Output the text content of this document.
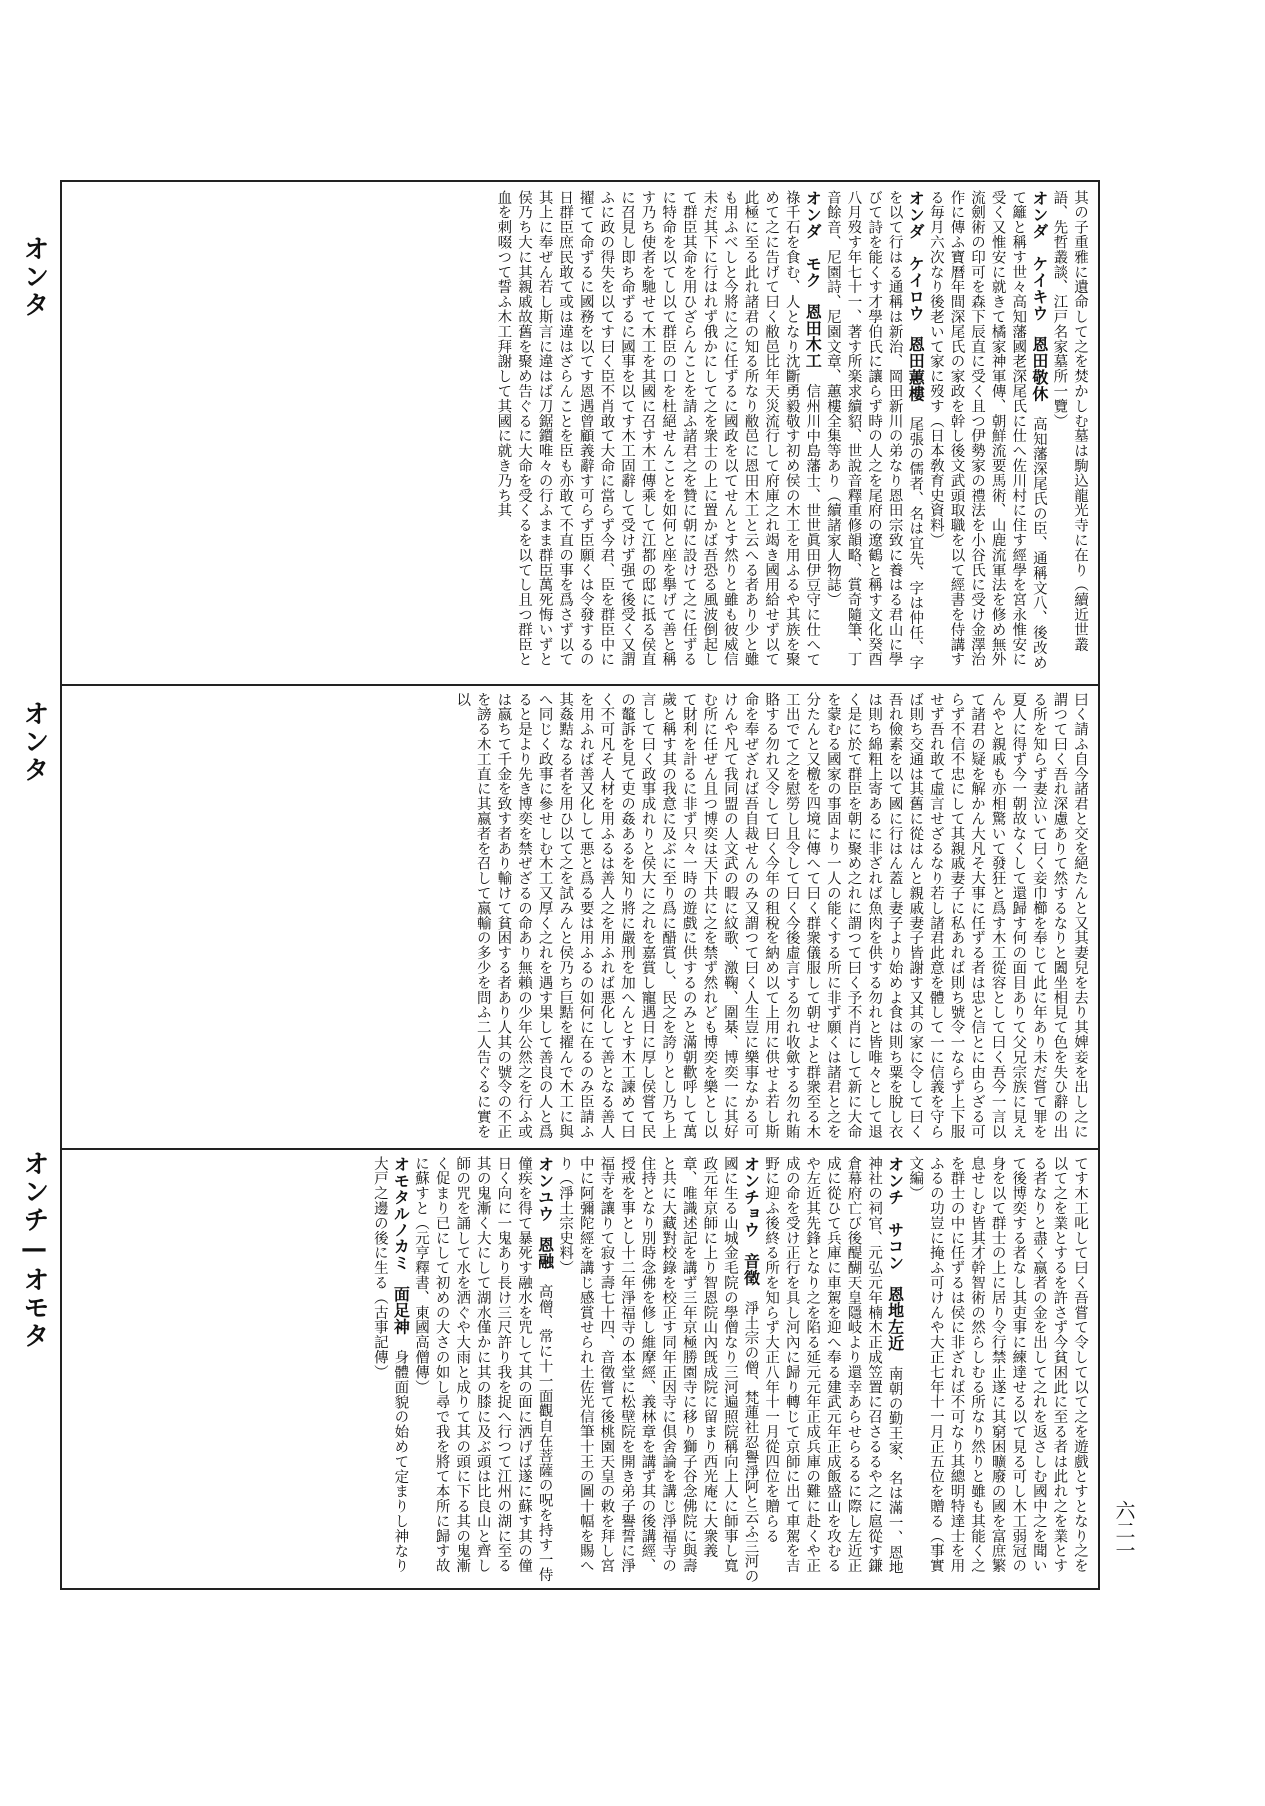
オンタ
オンタ
オンチ—オモタ
六二一

其の子重雅に遺命して之を焚かしむ墓は駒込龍光寺に在り（續近世叢語、先哲叢談、江戸名家墓所一覽）

オンダ　ケイキウ　恩田敬休　高知藩深尾氏の臣、通稱文八、後改めて籬と稱す世々高知藩國老深尾氏に仕へ佐川村に住す經學を宮永惟安に受く又惟安に就きて橘家神軍傳、朝鮮流要馬術、山鹿流軍法を修め無外流劍術の印可を森下辰直に受く且つ伊勢家の禮法を小谷氏に受け金澤治作に傳ふ寶曆年間深尾氏の家政を幹し後文武頭取職を以て經書を侍講する毎月六次なり後老いて家に歿す（日本敎育史資料）

オンダ　ケイロウ　恩田蕙樓　尾張の儒者、名は宜先、字は仲任、字を以て行はる通稱は新治、岡田新川の弟なり恩田宗致に養はる君山に學びて詩を能くす才學伯氏に讓らず時の人之を尾府の遼鶴と稱す文化癸酉八月歿す年七十一、著す所楽求續貂、世說音釋重修韻略、賞奇隨筆、丁音餘音、尼園詩、尼園文章、蕙樓全集等あり（續諸家人物誌）

オンダ　モク　恩田木工　信州川中島藩士、世世眞田伊豆守に仕へて祿千石を食む、人となり沈斷勇毅敬す初め侯の木工を用ふるや其族を聚めて之に告げて曰く敝邑比年天災流行して府庫之れ竭き國用給せず以て此極に至る此れ諸君の知る所なり敝邑に恩田木工と云へる者あり少と雖も用ふべしと今將に之に任ずるに國政を以てせんとす然りと雖も彼威信未だ其下に行はれず俄かにして之を衆士の上に置かば吾恐る風波倒起して群臣其命を用ひざらんことを請ふ諸君之を贊に朝に設けて之に任ずるに特命を以てし以て群臣の口を杜絕せんことを如何と座を擧げて善と稱す乃ち使者を馳せて木工を其國に召す木工傳乘して江都の邸に抵る侯直に召見し即ち命ずるに國事を以てす木工固辭して受けず强て後受く又謂ふに政の得失を以てす曰く臣不肖敢て大命に當らず今君、臣を群臣中に擢てて命ずるに國務を以てす恩遇曾顧義辭す可らず臣願くは令發するの日群臣庶民敢て或は違はざらんことを臣も亦敢て不直の事を爲さず以て其上に奉ぜん若し斯言に違はば刀鋸鑕唯々の行ふまま群臣萬死悔いずと侯乃ち大に其親戚故舊を聚め告ぐるに大命を受くるを以てし且つ群臣と血を刺啜つて誓ふ木工拜謝して其國に就き乃ち其

曰く請ふ自今諸君と交を絕たんと又其妻兒を去り其婢妾を出し之に謂つて曰く吾れ深慮ありて然するなりと闔坐相見て色を失ひ辭の出る所を知らず妻泣いて曰く妾巾櫛を奉じて此に年あり未だ嘗て罪を夏人に得ず今一朝故なくして還歸す何の面目ありて父兄宗族に見えんやと親戚も亦相驚いて發狂と爲す木工從容として曰く吾今一言以て諸君の疑を解かん大凡そ大事に任ずる者は忠と信とに由らざる可らず不信不忠にして其親戚妻子に私あれば則ち號令一ならず上下服せず吾れ敢て虛言せざるなり若し諸君此意を體して一に信義を守らば則ち交通は其舊に從はんと親戚妻子皆謝す又其の家に令して曰く吾れ儉素を以て國に行はん蓋し妻子より始めよ食は則ち粟を脫し衣は則ち綿粗上寄あるに非ざれば魚肉を供する勿れと皆唯々として退く是に於て群臣を朝に聚め之れに謂つて曰く予不肖にして新に大命を蒙むる國家の事固より一人の能くする所に非ず願くは諸君と之を分たんと又檄を四境に傳へて曰く群衆儀服して朝せよと群衆至る木工出でて之を慰勞し且令して曰く今後虛言する勿れ收歛する勿れ賄賂する勿れ又令して曰く今年の租稅を納め以て上用に供せよ若し斯命を奉ぜざれば吾自裁せんのみ又謂つて曰く人生豈に樂事なかる可けんや凡て我同盟の人文武の暇に紋歌、激鞠、圍棊、博奕一に其好む所に任ぜん且つ博奕は天下共に之を禁ず然れども博奕を樂とし以て財利を計るに非ず只々一時の遊戲に供するのみと滿朝歡呼して萬歲と稱す其の我意に及ぶに至り爲に醋賞し、民之を誇りとし乃ち上言して曰く政事成れりと侯大に之れを嘉賞し寵遇日に厚し侯嘗て民の鼇訴を見て吏の姦あるを知り將に嚴刑を加へんとす木工諫めて曰く不可凡そ人材を用ふるは善人之を用ふれば悪化して善となる善人を用ふれば善又化して悪と爲る要は用ふるの如何に在るのみ臣請ふ其姦黠なる者を用ひ以て之を試みんと侯乃ち巨黠を擢んで木工に與へ同じく政事に參せしむ木工又厚く之れを遇す果して善良の人と爲ると是より先き博奕を禁ぜざるの命あり無賴の少年公然之を行ふ或は嬴ちて千金を致す者あり輸けて貧困する者あり人其の號令の不正を謗る木工直に其嬴者を召して嬴輸の多少を問ふ二人告ぐるに實を以

てす木工叱して曰く吾嘗て令して以て之を遊戲とすとなり之を以て之を業とするを許さず今貧困此に至る者は此れ之を業とする者なりと盡く嬴者の金を出して之れを返さしむ國中之を聞いて後博奕する者なし其吏事に練達せる以て見る可し木工弱冠の身を以て群士の上に居り令行禁止遂に其窮困曠廢の國を富庶繁息せしむ皆其才幹智術の然らしむる所なり然りと雖も其能く之を群士の中に任ずるは侯に非ざれば不可なり其總明特達士を用ふるの功豈に掩ふ可けんや大正七年十一月正五位を贈る（事實文編）

オンチ　サコン　恩地左近　南朝の勤王家、名は滿一、恩地神社の祠官、元弘元年楠木正成笠置に召さるるや之に扈從す鎌倉幕府亡び後醍醐天皇隱岐より還幸あらせらるるに際し左近正成に從ひて兵庫に車駕を迎へ奉る建武元年正成飯盛山を攻むるや左近其先鋒となり之を陷る延元元年正成兵庫の難に赴くや正成の命を受け正行を具し河內に歸り轉じて京師に出て車駕を吉野に迎ふ後終る所を知らず大正八年十一月從四位を贈らる

オンチョウ　音徵　淨土宗の僧、梵蓮社忍譽淨阿と云ふ三河の國に生る山城金毛院の學僧なり三河遍照院稱向上人に師事し寬政元年京師に上り智恩院山內旣成院に留まり西光庵に大衆義章、唯識述記を講ず三年京極勝園寺に移り獅子谷念佛院に與壽と共に大藏對校錄を校正す同年正因寺に倶舍論を講じ淨福寺の住持となり別時念佛を修し維摩經、義林章を講ず其の後講經、授戒を事とし十二年淨福寺の本堂に松壁院を開き弟子譽誓に淨福寺を讓りて寂す壽七十四、音徵嘗て後桃園天皇の敕を拜し宮中に阿彌陀經を講じ感賞せられ土佐光信筆十王の圖十幅を賜へり（淨土宗史料）

オンユウ　恩融　高僧、常に十一面觀自在菩薩の呪を持す一侍僮疾を得て暴死す融水を咒して其の面に洒げば遂に蘇す其の僮日く向に一鬼あり長け三尺許り我を捉へ行つて江州の湖に至る其の鬼漸く大にして湖水僅かに其の膝に及ぶ頭は比良山と齊し師の咒を誦して水を洒ぐや大雨と成りて其の頭に下る其の鬼漸く促まり已にして初めの大さの如し尋で我を將て本所に歸す故に蘇すと（元亨釋書、東國高僧傳）

オモタルノカミ　面足神　身體面貌の始めて定まりし神なり大戸之邊の後に生る（古事記傳）
